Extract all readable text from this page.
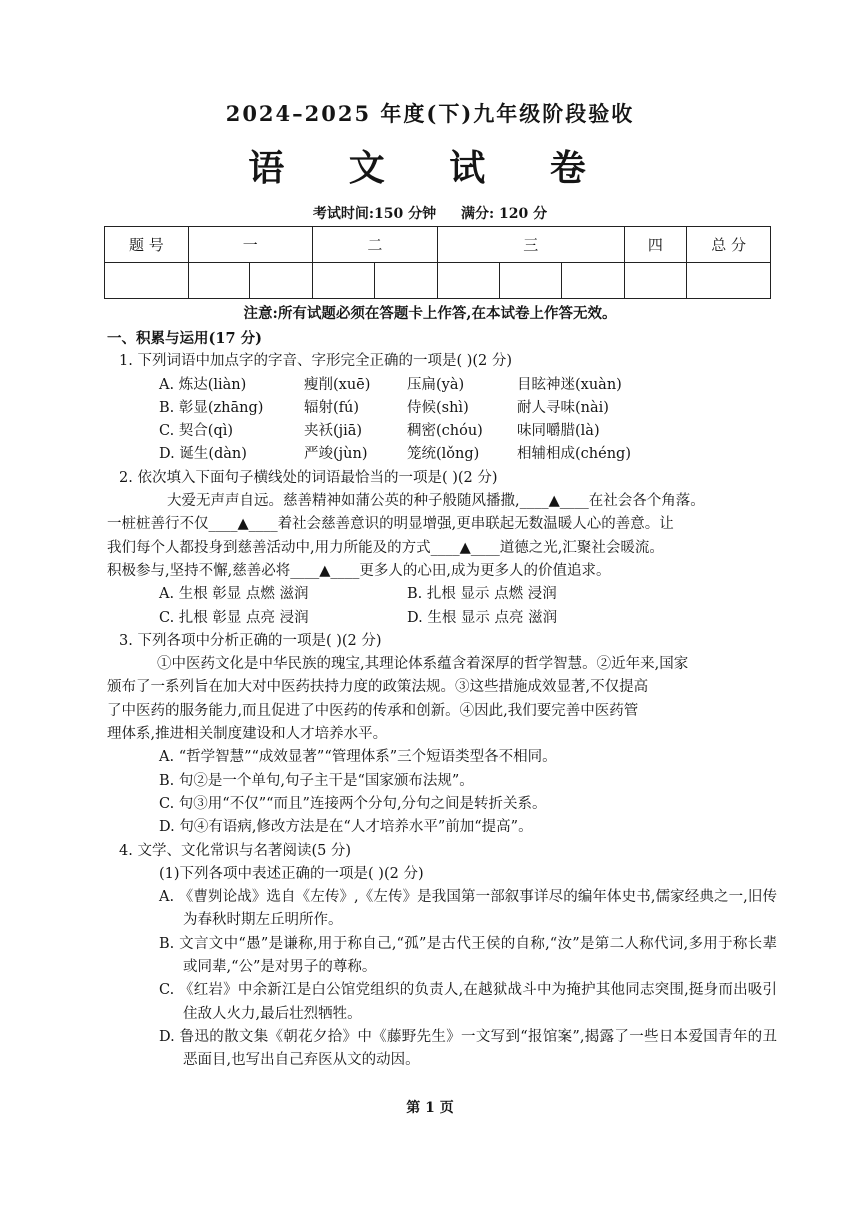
2024–2025 年度(下)九年级阶段验收
语 文 试 卷
考试时间:150 分钟 满分: 120 分
题 号	一		二		三			四	总 分

注意:所有试题必须在答题卡上作答,在本试卷上作答无效。

一、积累与运用(17 分)

1. 下列词语中加点字的字音、字形完全正确的一项是( )(2 分)

A. 炼达(liàn)	瘦削(xuē)	压扁(yà)	目眩神迷(xuàn)
B. 彰显(zhāng)	辐射(fú)	侍候(shì)	耐人寻味(nài)
C. 契合(qì)	夹袄(jiā)	稠密(chóu)	味同嚼腊(là)
D. 诞生(dàn)	严竣(jùn)	笼统(lǒng)	相辅相成(chéng)

2. 依次填入下面句子横线处的词语最恰当的一项是( )(2 分)

大爱无声声自远。慈善精神如蒲公英的种子般随风播撒,____▲____在社会各个角落。

一桩桩善行不仅____▲____着社会慈善意识的明显增强,更串联起无数温暖人心的善意。让

我们每个人都投身到慈善活动中,用力所能及的方式____▲____道德之光,汇聚社会暖流。

积极参与,坚持不懈,慈善必将____▲____更多人的心田,成为更多人的价值追求。

A. 生根 彰显 点燃 滋润	B. 扎根 显示 点燃 浸润
C. 扎根 彰显 点亮 浸润	D. 生根 显示 点亮 滋润

3. 下列各项中分析正确的一项是( )(2 分)

①中医药文化是中华民族的瑰宝,其理论体系蕴含着深厚的哲学智慧。②近年来,国家

颁布了一系列旨在加大对中医药扶持力度的政策法规。③这些措施成效显著,不仅提高

了中医药的服务能力,而且促进了中医药的传承和创新。④因此,我们要完善中医药管

理体系,推进相关制度建设和人才培养水平。

A. “哲学智慧”“成效显著”“管理体系”三个短语类型各不相同。

B. 句②是一个单句,句子主干是“国家颁布法规”。

C. 句③用“不仅”“而且”连接两个分句,分句之间是转折关系。

D. 句④有语病,修改方法是在“人才培养水平”前加“提高”。

4. 文学、文化常识与名著阅读(5 分)

(1)下列各项中表述正确的一项是( )(2 分)

A. 《曹刿论战》选自《左传》,《左传》是我国第一部叙事详尽的编年体史书,儒家经典之一,旧传为春秋时期左丘明所作。

B. 文言文中“愚”是谦称,用于称自己,“孤”是古代王侯的自称,“汝”是第二人称代词,多用于称长辈或同辈,“公”是对男子的尊称。

C. 《红岩》中余新江是白公馆党组织的负责人,在越狱战斗中为掩护其他同志突围,挺身而出吸引住敌人火力,最后壮烈牺牲。

D. 鲁迅的散文集《朝花夕拾》中《藤野先生》一文写到“报馆案”,揭露了一些日本爱国青年的丑恶面目,也写出自己弃医从文的动因。

第 1 页
